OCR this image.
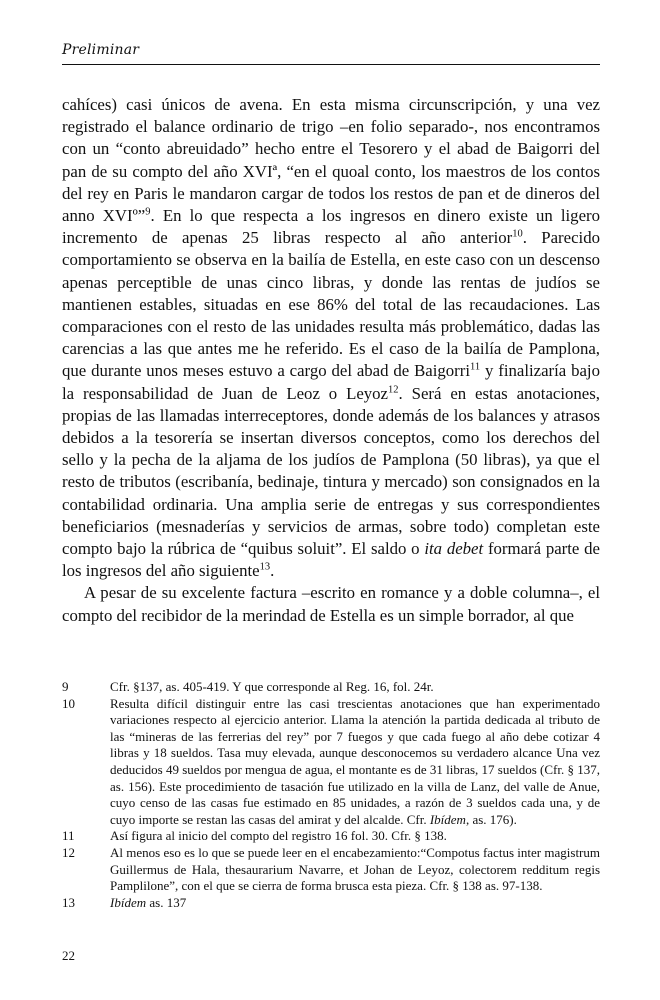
Preliminar

cahíces) casi únicos de avena. En esta misma circunscripción, y una vez registrado el balance ordinario de trigo –en folio separado-, nos encontramos con un “conto abreuidado” hecho entre el Tesorero y el abad de Baigorri del pan de su compto del año XVIª, “en el quoal conto, los maestros de los contos del rey en Paris le mandaron cargar de todos los restos de pan et de dineros del anno XVIº”$^9$. En lo que respecta a los ingresos en dinero existe un ligero incremento de apenas 25 libras respecto al año anterior$^{10}$. Parecido comportamiento se observa en la bailía de Estella, en este caso con un descenso apenas perceptible de unas cinco libras, y donde las rentas de judíos se mantienen estables, situadas en ese 86% del total de las recaudaciones. Las comparaciones con el resto de las unidades resulta más problemático, dadas las carencias a las que antes me he referido. Es el caso de la bailía de Pamplona, que durante unos meses estuvo a cargo del abad de Baigorri$^{11}$ y finalizaría bajo la responsabilidad de Juan de Leoz o Leyoz$^{12}$. Será en estas anotaciones, propias de las llamadas interreceptores, donde además de los balances y atrasos debidos a la tesorería se insertan diversos conceptos, como los derechos del sello y la pecha de la aljama de los judíos de Pamplona (50 libras), ya que el resto de tributos (escribanía, bedinaje, tintura y mercado) son consignados en la contabilidad ordinaria. Una amplia serie de entregas y sus correspondientes beneficiarios (mesnaderías y servicios de armas, sobre todo) completan este compto bajo la rúbrica de “quibus soluit”. El saldo o ita debet formará parte de los ingresos del año siguiente$^{13}$.

A pesar de su excelente factura –escrito en romance y a doble columna–, el compto del recibidor de la merindad de Estella es un simple borrador, al que

9	Cfr. §137, as. 405-419. Y que corresponde al Reg. 16, fol. 24r.
10	Resulta difícil distinguir entre las casi trescientas anotaciones que han experimentado variaciones respecto al ejercicio anterior. Llama la atención la partida dedicada al tributo de las “mineras de las ferrerias del rey” por 7 fuegos y que cada fuego al año debe cotizar 4 libras y 18 sueldos. Tasa muy elevada, aunque desconocemos su verdadero alcance Una vez deducidos 49 sueldos por mengua de agua, el montante es de 31 libras, 17 sueldos (Cfr. § 137, as. 156). Este procedimiento de tasación fue utilizado en la villa de Lanz, del valle de Anue, cuyo censo de las casas fue estimado en 85 unidades, a razón de 3 sueldos cada una, y de cuyo importe se restan las casas del amirat y del alcalde. Cfr. Ibídem, as. 176).
11	Así figura al inicio del compto del registro 16 fol. 30. Cfr. § 138.
12	Al menos eso es lo que se puede leer en el encabezamiento:“Compotus factus inter magistrum Guillermus de Hala, thesaurarium Navarre, et Johan de Leyoz, colectorem redditum regis Pamplilone”, con el que se cierra de forma brusca esta pieza. Cfr. § 138 as. 97-138.
13	Ibídem as. 137
22
